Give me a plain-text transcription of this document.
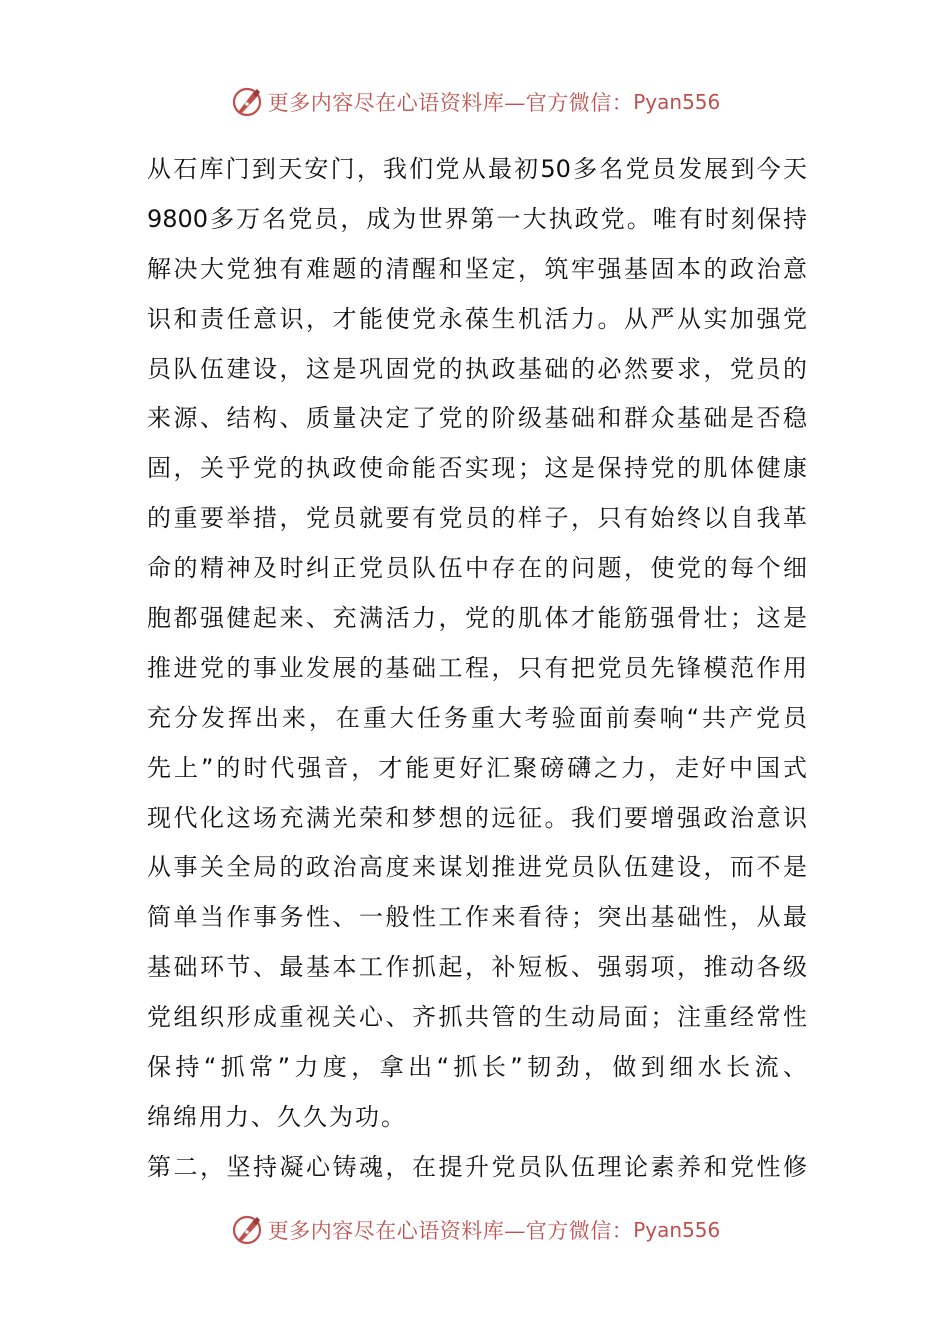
更多内容尽在心语资料库—官方微信： Pyan556
从石库门到天安门，我们党从最初50多名党员发展到今天
9800多万名党员，成为世界第一大执政党。唯有时刻保持
解决大党独有难题的清醒和坚定，筑牢强基固本的政治意
识和责任意识，才能使党永葆生机活力。从严从实加强党
员队伍建设，这是巩固党的执政基础的必然要求，党员的
来源、结构、质量决定了党的阶级基础和群众基础是否稳
固，关乎党的执政使命能否实现；这是保持党的肌体健康
的重要举措，党员就要有党员的样子，只有始终以自我革
命的精神及时纠正党员队伍中存在的问题，使党的每个细
胞都强健起来、充满活力，党的肌体才能筋强骨壮；这是
推进党的事业发展的基础工程，只有把党员先锋模范作用
充分发挥出来，在重大任务重大考验面前奏响“共产党员
先上”的时代强音，才能更好汇聚磅礴之力，走好中国式
现代化这场充满光荣和梦想的远征。我们要增强政治意识
从事关全局的政治高度来谋划推进党员队伍建设，而不是
简单当作事务性、一般性工作来看待；突出基础性，从最
基础环节、最基本工作抓起，补短板、强弱项，推动各级
党组织形成重视关心、齐抓共管的生动局面；注重经常性
保持“抓常”力度，拿出“抓长”韧劲，做到细水长流、
绵绵用力、久久为功。
第二，坚持凝心铸魂，在提升党员队伍理论素养和党性修
更多内容尽在心语资料库—官方微信： Pyan556
